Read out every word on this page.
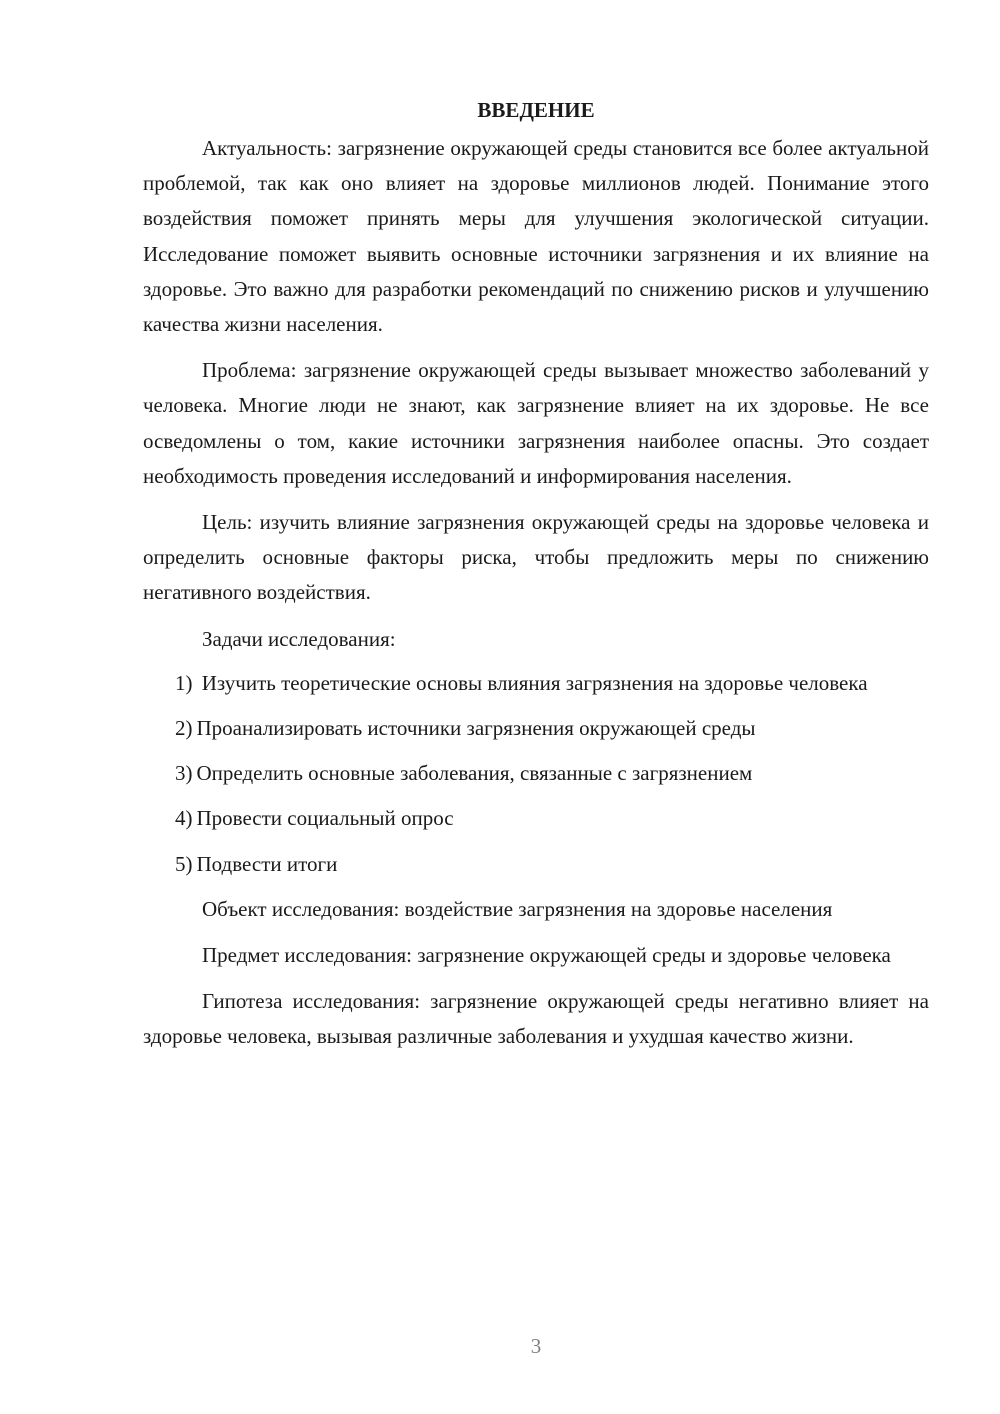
ВВЕДЕНИЕ

Актуальность: загрязнение окружающей среды становится все более актуальной проблемой, так как оно влияет на здоровье миллионов людей. Понимание этого воздействия поможет принять меры для улучшения экологической ситуации. Исследование поможет выявить основные источники загрязнения и их влияние на здоровье. Это важно для разработки рекомендаций по снижению рисков и улучшению качества жизни населения.

Проблема: загрязнение окружающей среды вызывает множество заболеваний у человека. Многие люди не знают, как загрязнение влияет на их здоровье. Не все осведомлены о том, какие источники загрязнения наиболее опасны. Это создает необходимость проведения исследований и информирования населения.

Цель: изучить влияние загрязнения окружающей среды на здоровье человека и определить основные факторы риска, чтобы предложить меры по снижению негативного воздействия.

Задачи исследования:

1) Изучить теоретические основы влияния загрязнения на здоровье человека

2) Проанализировать источники загрязнения окружающей среды

3) Определить основные заболевания, связанные с загрязнением

4) Провести социальный опрос

5) Подвести итоги

Объект исследования: воздействие загрязнения на здоровье населения

Предмет исследования: загрязнение окружающей среды и здоровье человека

Гипотеза исследования: загрязнение окружающей среды негативно влияет на здоровье человека, вызывая различные заболевания и ухудшая качество жизни.

3
